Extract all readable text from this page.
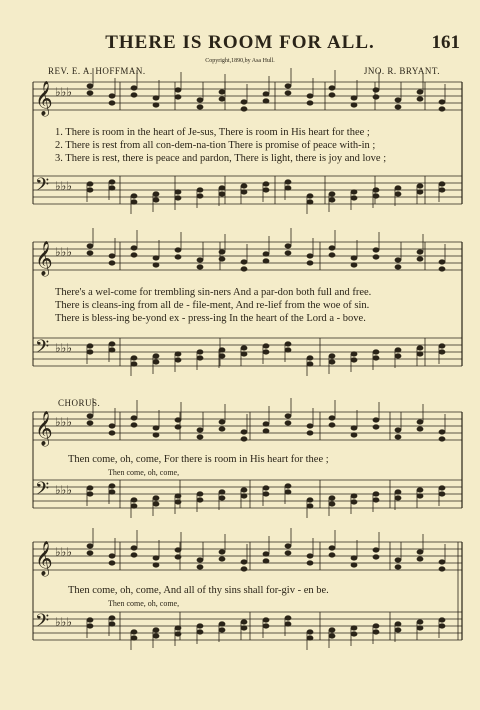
THERE IS ROOM FOR ALL.	161
Copyright,1890,by Asa Hull.
REV. E. A. HOFFMAN.	JNO. R. BRYANT.
𝄞 ♭♭♭
𝄢 ♭♭♭
𝄞 ♭♭♭
𝄢 ♭♭♭
𝄞 ♭♭♭
𝄢 ♭♭♭
𝄞 ♭♭♭
𝄢 ♭♭♭
1. There is room in the heart of Je-sus, There is room in His heart for thee ;
2. There is rest from all con-dem-na-tion There is promise of peace with-in ;
3. There is rest, there is peace and pardon, There is light, there is joy and love ;
There's a wel-come for trembling sin-ners And a par-don both full and free.
There is cleans-ing from all de - file-ment, And re-lief from the woe of sin.
There is bless-ing be-yond ex - press-ing In the heart of the Lord a - bove.
CHORUS.
Then come, oh, come, For there is room in His heart for thee ;
Then come, oh, come,
Then come, oh, come, And all of thy sins shall for-giv - en be.
Then come, oh, come,
